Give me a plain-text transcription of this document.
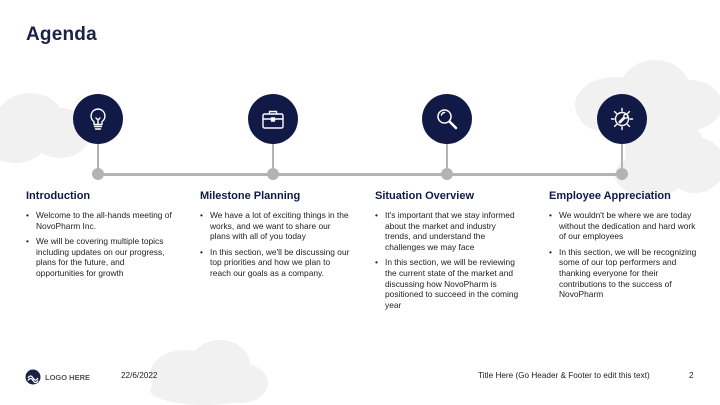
Agenda
Introduction
• Welcome to the all-hands meeting of NovoPharm Inc.
• We will be covering multiple topics including updates on our progress, plans for the future, and opportunities for growth
Milestone Planning
• We have a lot of exciting things in the works, and we want to share our plans with all of you today
• In this section, we'll be discussing our top priorities and how we plan to reach our goals as a company.
Situation Overview
• It's important that we stay informed about the market and industry trends, and understand the challenges we may face
• In this section, we will be reviewing the current state of the market and discussing how NovoPharm is positioned to succeed in the coming year
Employee Appreciation
• We wouldn't be where we are today without the dedication and hard work of our employees
• In this section, we will be recognizing some of our top performers and thanking everyone for their contributions to the success of NovoPharm
LOGO HERE	22/6/2022	Title Here (Go Header & Footer to edit this text)	2
